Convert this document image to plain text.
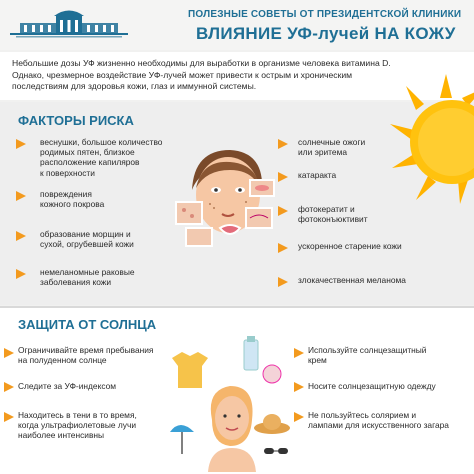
ПОЛЕЗНЫЕ СОВЕТЫ ОТ ПРЕЗИДЕНТСКОЙ КЛИНИКИ
ВЛИЯНИЕ УФ-лучей НА КОЖУ
Небольшие дозы УФ жизненно необходимы для выработки в организме человека витамина D.
Однако, чрезмерное воздействие УФ-лучей может привести к острым и хроническим
последствиям для здоровья кожи, глаз и иммунной системы.
ФАКТОРЫ РИСКА
веснушки, большое количество
родимых пятен, близкое
расположение капиляров
к поверхности
повреждения
кожного покрова
образование морщин и
сухой, огрубевшей кожи
немеланомные раковые
заболевания кожи
солнечные ожоги
или эритема
катаракта
фотокератит и
фотоконъюктивит
ускоренное старение кожи
злокачественная меланома
ЗАЩИТА ОТ СОЛНЦА
Ограничивайте время пребывания
на полуденном солнце
Следите за УФ-индексом
Находитесь в тени в то время,
когда ультрафиолетовые лучи
наиболее интенсивны
Используйте солнцезащитный
крем
Носите солнцезащитную одежду
Не пользуйтесь солярием и
лампами для искусственного загара
